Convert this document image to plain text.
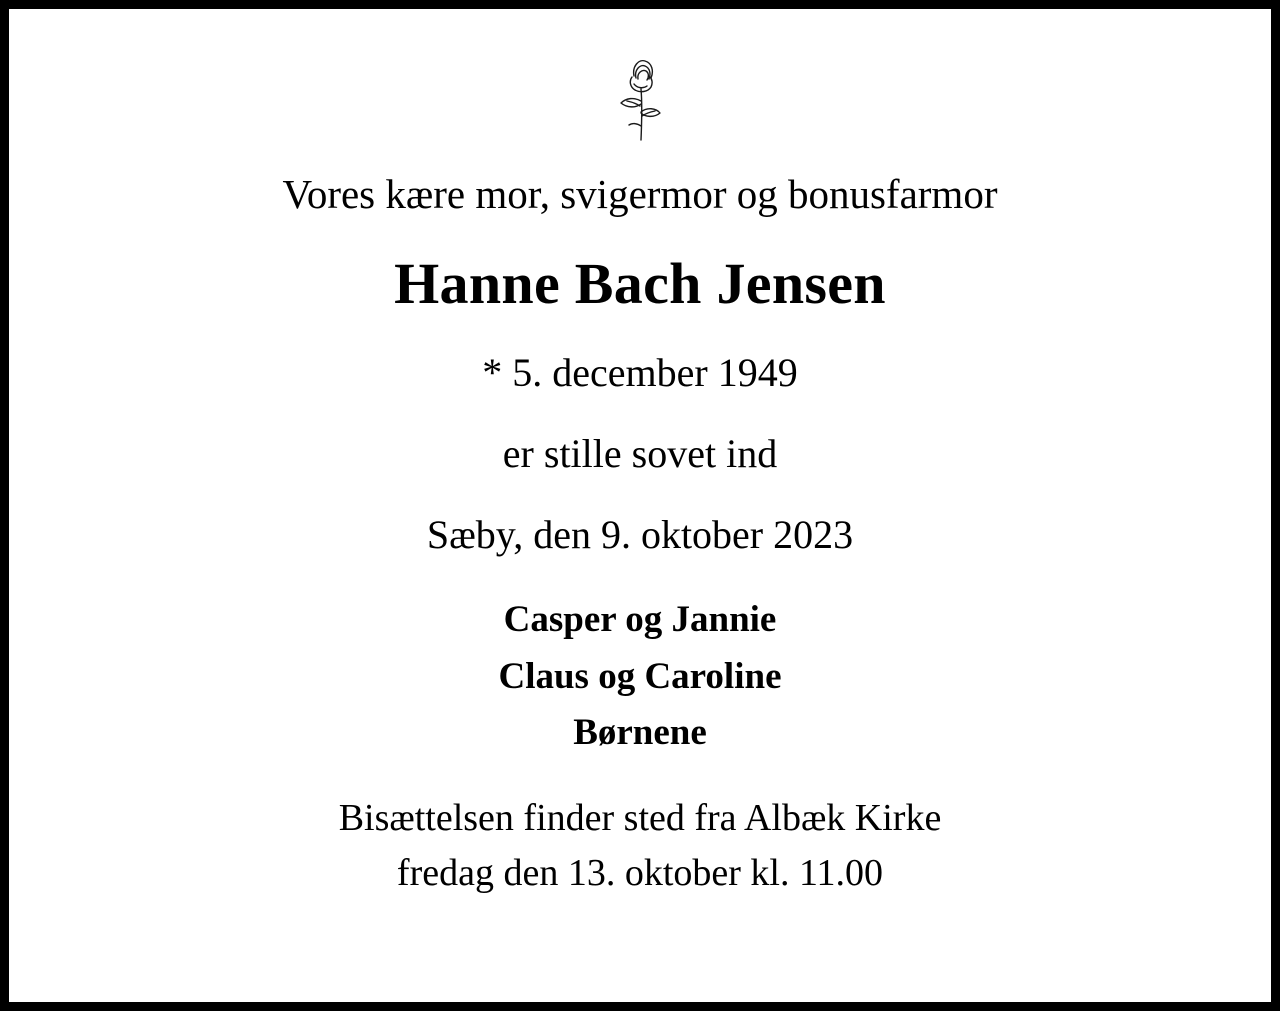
Vores kære mor, svigermor og bonusfarmor
Hanne Bach Jensen
* 5. december 1949
er stille sovet ind
Sæby, den 9. oktober 2023
Casper og Jannie
Claus og Caroline
Børnene
Bisættelsen finder sted fra Albæk Kirke
fredag den 13. oktober kl. 11.00
